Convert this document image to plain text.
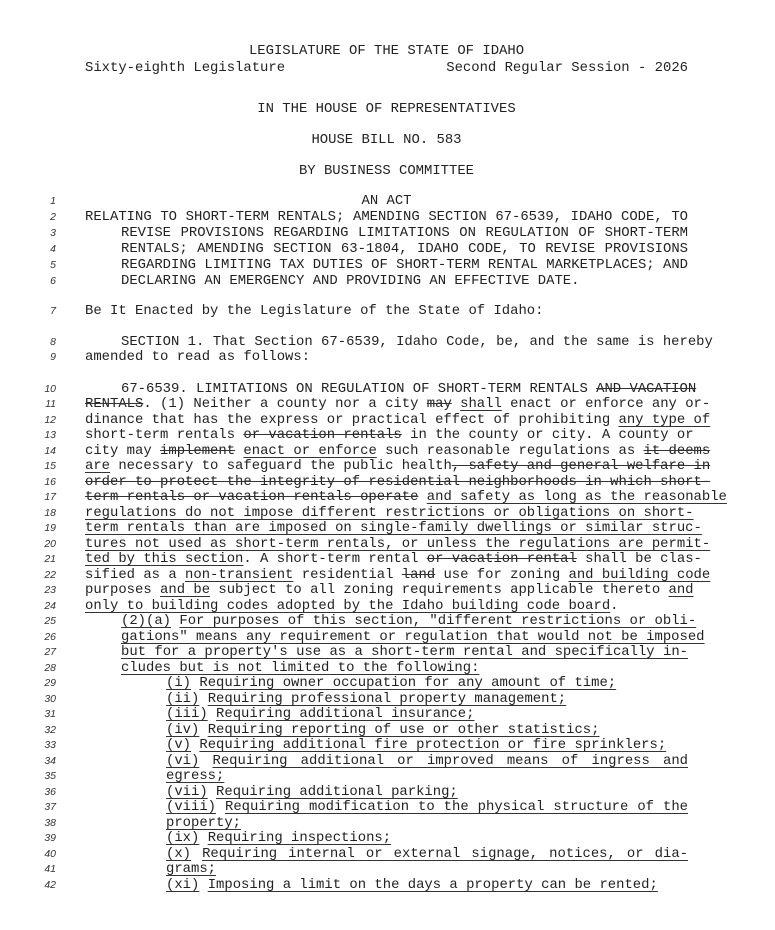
LEGISLATURE OF THE STATE OF IDAHO
Sixty-eighth Legislature	Second Regular Session - 2026
IN THE HOUSE OF REPRESENTATIVES
HOUSE BILL NO. 583
BY BUSINESS COMMITTEE
1	AN ACT
2 RELATING TO SHORT-TERM RENTALS; AMENDING SECTION 67-6539, IDAHO CODE, TO
3	REVISE PROVISIONS REGARDING LIMITATIONS ON REGULATION OF SHORT-TERM
4	RENTALS; AMENDING SECTION 63-1804, IDAHO CODE, TO REVISE PROVISIONS
5	REGARDING LIMITING TAX DUTIES OF SHORT-TERM RENTAL MARKETPLACES; AND
6	DECLARING AN EMERGENCY AND PROVIDING AN EFFECTIVE DATE.
7 Be It Enacted by the Legislature of the State of Idaho:
8	SECTION 1. That Section 67-6539, Idaho Code, be, and the same is hereby
9 amended to read as follows:
10	67-6539. LIMITATIONS ON REGULATION OF SHORT-TERM RENTALS AND VACATION
11 RENTALS. (1) Neither a county nor a city may shall enact or enforce any or-
12 dinance that has the express or practical effect of prohibiting any type of
13 short-term rentals or vacation rentals in the county or city. A county or
14 city may implement enact or enforce such reasonable regulations as it deems
15 are necessary to safeguard the public health, safety and general welfare in
16 order to protect the integrity of residential neighborhoods in which short-
17 term rentals or vacation rentals operate and safety as long as the reasonable
18 regulations do not impose different restrictions or obligations on short-
19 term rentals than are imposed on single-family dwellings or similar struc-
20 tures not used as short-term rentals, or unless the regulations are permit-
21 ted by this section. A short-term rental or vacation rental shall be clas-
22 sified as a non-transient residential land use for zoning and building code
23 purposes and be subject to all zoning requirements applicable thereto and
24 only to building codes adopted by the Idaho building code board.
25	(2)(a) For purposes of this section, "different restrictions or obli-
26	gations" means any requirement or regulation that would not be imposed
27	but for a property's use as a short-term rental and specifically in-
28	cludes but is not limited to the following:
29	(i) Requiring owner occupation for any amount of time;
30	(ii) Requiring professional property management;
31	(iii) Requiring additional insurance;
32	(iv) Requiring reporting of use or other statistics;
33	(v) Requiring additional fire protection or fire sprinklers;
34	(vi) Requiring additional or improved means of ingress and
35	egress;
36	(vii) Requiring additional parking;
37	(viii) Requiring modification to the physical structure of the
38	property;
39	(ix) Requiring inspections;
40	(x) Requiring internal or external signage, notices, or dia-
41	grams;
42	(xi) Imposing a limit on the days a property can be rented;
